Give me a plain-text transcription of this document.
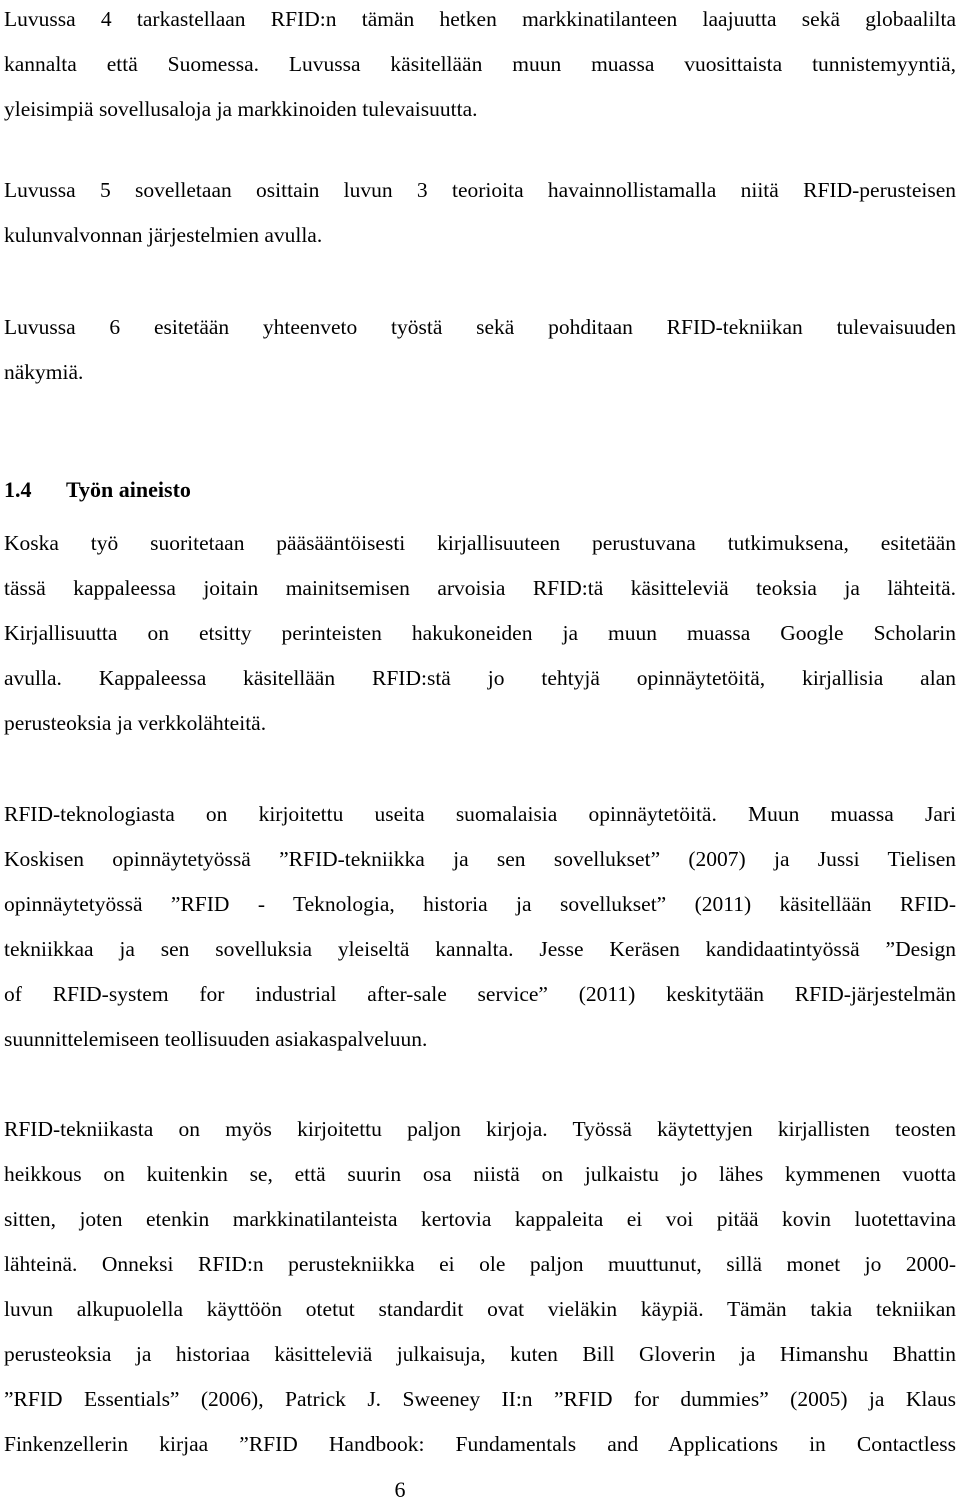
Luvussa 4 tarkastellaan RFID:n tämän hetken markkinatilanteen laajuutta sekä globaalilta
kannalta että Suomessa. Luvussa käsitellään muun muassa vuosittaista tunnistemyyntiä,
yleisimpiä sovellusaloja ja markkinoiden tulevaisuutta.

Luvussa 5 sovelletaan osittain luvun 3 teorioita havainnollistamalla niitä RFID-perusteisen
kulunvalvonnan järjestelmien avulla.

Luvussa 6 esitetään yhteenveto työstä sekä pohditaan RFID-tekniikan tulevaisuuden
näkymiä.

1.4 Työn aineisto

Koska työ suoritetaan pääsääntöisesti kirjallisuuteen perustuvana tutkimuksena, esitetään
tässä kappaleessa joitain mainitsemisen arvoisia RFID:tä käsitteleviä teoksia ja lähteitä.
Kirjallisuutta on etsitty perinteisten hakukoneiden ja muun muassa Google Scholarin
avulla. Kappaleessa käsitellään RFID:stä jo tehtyjä opinnäytetöitä, kirjallisia alan
perusteoksia ja verkkolähteitä.

RFID-teknologiasta on kirjoitettu useita suomalaisia opinnäytetöitä. Muun muassa Jari
Koskisen opinnäytetyössä ”RFID-tekniikka ja sen sovellukset” (2007) ja Jussi Tielisen
opinnäytetyössä ”RFID - Teknologia, historia ja sovellukset” (2011) käsitellään RFID-
tekniikkaa ja sen sovelluksia yleiseltä kannalta. Jesse Keräsen kandidaatintyössä ”Design
of RFID-system for industrial after-sale service” (2011) keskitytään RFID-järjestelmän
suunnittelemiseen teollisuuden asiakaspalveluun.

RFID-tekniikasta on myös kirjoitettu paljon kirjoja. Työssä käytettyjen kirjallisten teosten
heikkous on kuitenkin se, että suurin osa niistä on julkaistu jo lähes kymmenen vuotta
sitten, joten etenkin markkinatilanteista kertovia kappaleita ei voi pitää kovin luotettavina
lähteinä. Onneksi RFID:n perustekniikka ei ole paljon muuttunut, sillä monet jo 2000-
luvun alkupuolella käyttöön otetut standardit ovat vieläkin käypiä. Tämän takia tekniikan
perusteoksia ja historiaa käsitteleviä julkaisuja, kuten Bill Gloverin ja Himanshu Bhattin
”RFID Essentials” (2006), Patrick J. Sweeney II:n ”RFID for dummies” (2005) ja Klaus
Finkenzellerin kirjaa ”RFID Handbook: Fundamentals and Applications in Contactless

6
